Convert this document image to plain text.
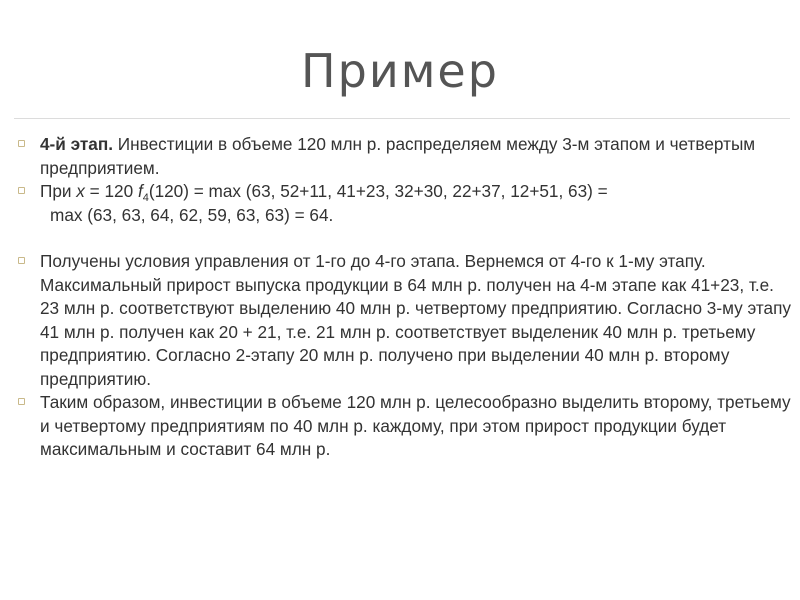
Пример
4-й этап. Инвестиции в объеме 120 млн р. распределяем между 3-м этапом и четвертым предприятием.
При x = 120 $f_4(120) = \max (63$, 52+11, 41+23, 32+30, 22+37, 12+51, 63) =
max (63, 63, 64, 62, 59, 63, 63) = 64.
Получены условия управления от 1-го до 4-го этапа. Вернемся от 4-го к 1-му этапу. Максимальный прирост выпуска продукции в 64 млн р. получен на 4-м этапе как 41+23, т.е. 23 млн р. соответствуют выделению 40 млн р. четвертому предприятию. Согласно 3-му этапу 41 млн р. получен как 20 + 21, т.е. 21 млн р. соответствует выделеник 40 млн р. третьему предприятию. Согласно 2-этапу 20 млн р. получено при выделении 40 млн р. второму предприятию.
Таким образом, инвестиции в объеме 120 млн р. целесообразно выделить второму, третьему и четвертому предприятиям по 40 млн р. каждому, при этом прирост продукции будет максимальным и составит 64 млн р.
